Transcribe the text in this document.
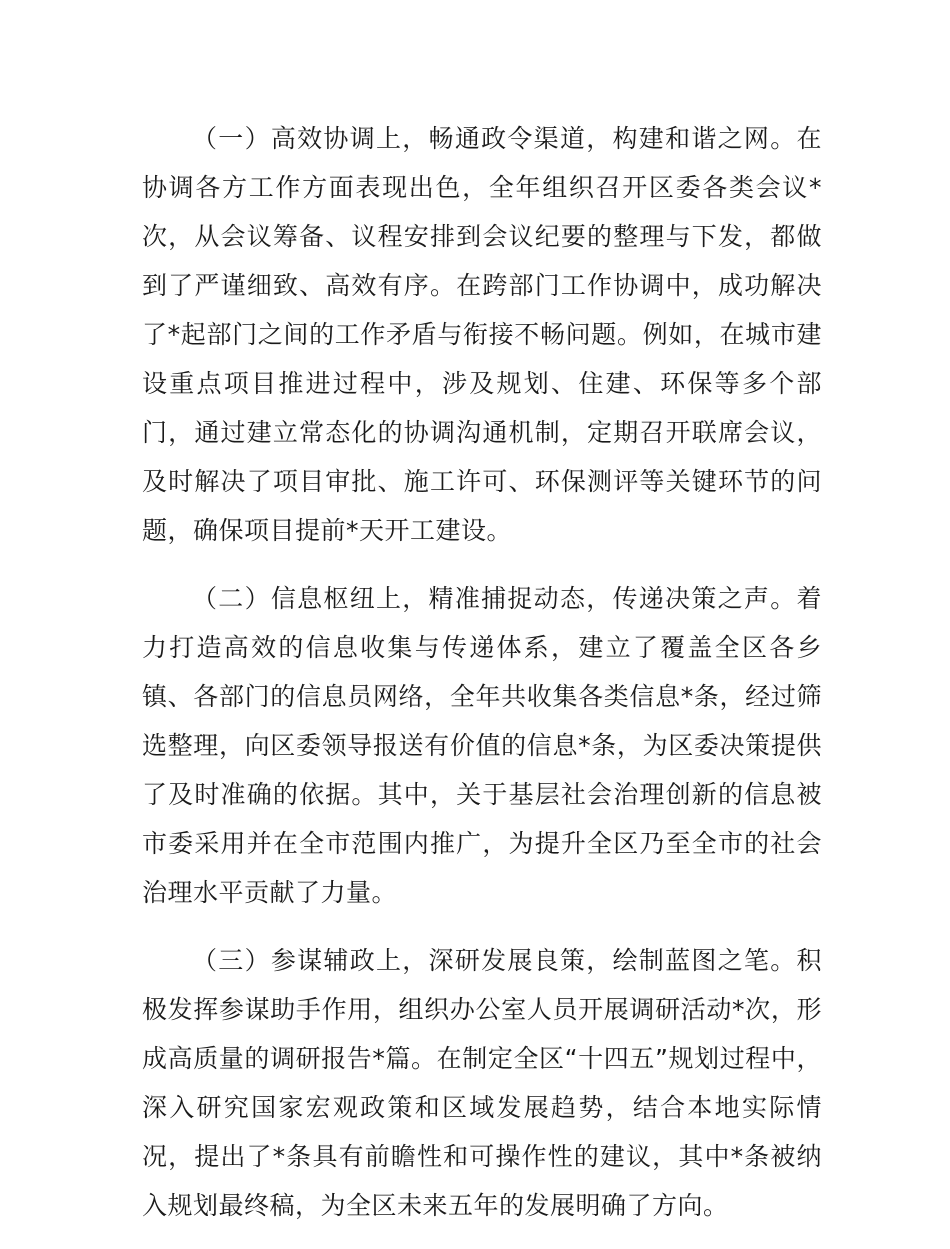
（一）高效协调上，畅通政令渠道，构建和谐之网。在协调各方工作方面表现出色，全年组织召开区委各类会议*次，从会议筹备、议程安排到会议纪要的整理与下发，都做到了严谨细致、高效有序。在跨部门工作协调中，成功解决了*起部门之间的工作矛盾与衔接不畅问题。例如，在城市建设重点项目推进过程中，涉及规划、住建、环保等多个部门，通过建立常态化的协调沟通机制，定期召开联席会议，及时解决了项目审批、施工许可、环保测评等关键环节的问题，确保项目提前*天开工建设。

（二）信息枢纽上，精准捕捉动态，传递决策之声。着力打造高效的信息收集与传递体系，建立了覆盖全区各乡镇、各部门的信息员网络，全年共收集各类信息*条，经过筛选整理，向区委领导报送有价值的信息*条，为区委决策提供了及时准确的依据。其中，关于基层社会治理创新的信息被市委采用并在全市范围内推广，为提升全区乃至全市的社会治理水平贡献了力量。

（三）参谋辅政上，深研发展良策，绘制蓝图之笔。积极发挥参谋助手作用，组织办公室人员开展调研活动*次，形成高质量的调研报告*篇。在制定全区“十四五”规划过程中，深入研究国家宏观政策和区域发展趋势，结合本地实际情况，提出了*条具有前瞻性和可操作性的建议，其中*条被纳入规划最终稿，为全区未来五年的发展明确了方向。
